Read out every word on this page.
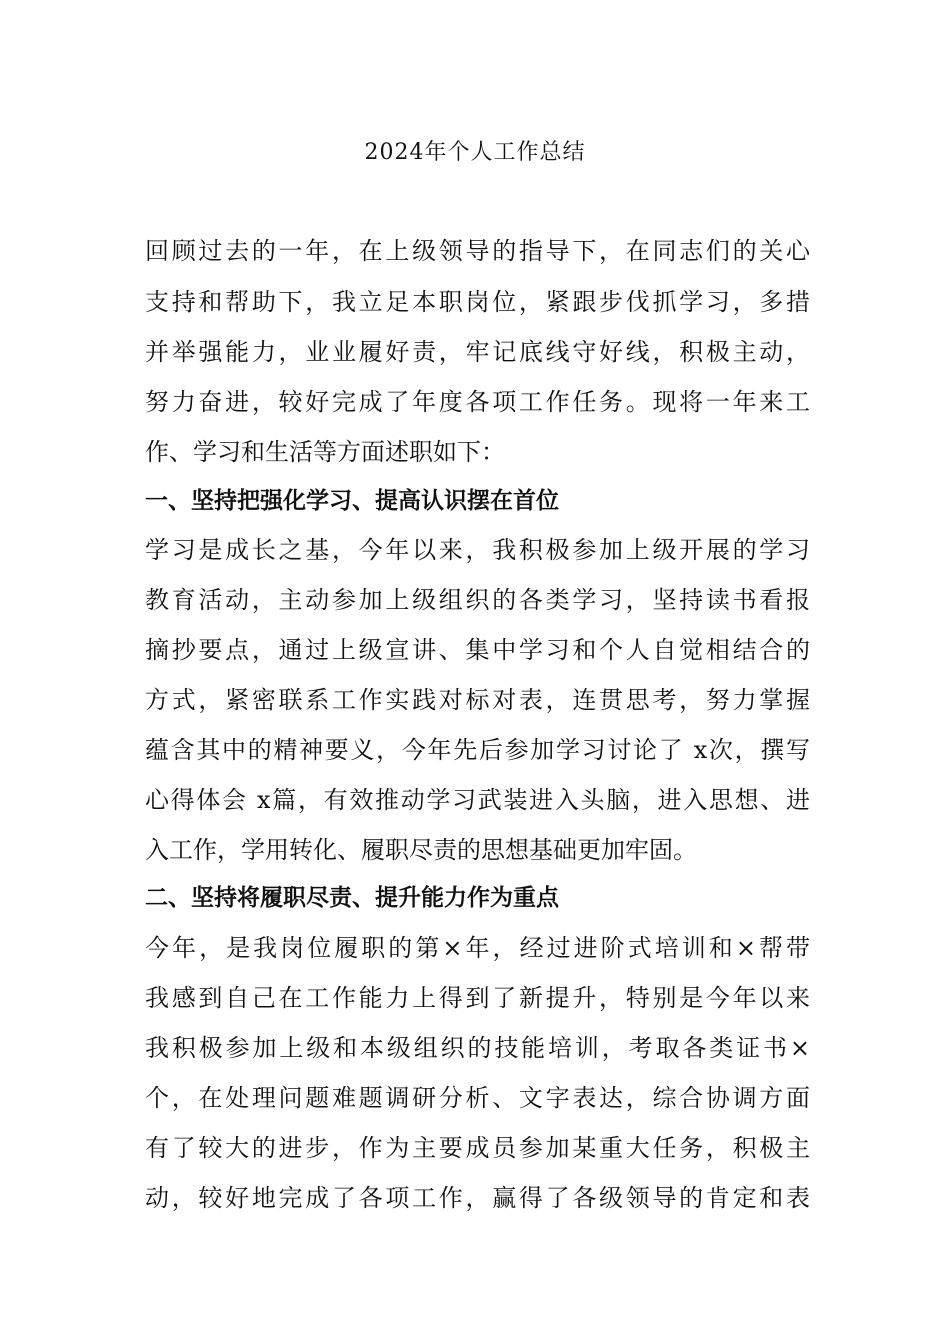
2024年个人工作总结
回顾过去的一年，在上级领导的指导下，在同志们的关心
支持和帮助下，我立足本职岗位，紧跟步伐抓学习，多措
并举强能力，业业履好责，牢记底线守好线，积极主动，
努力奋进，较好完成了年度各项工作任务。现将一年来工
作、学习和生活等方面述职如下：
一、坚持把强化学习、提高认识摆在首位
学习是成长之基，今年以来，我积极参加上级开展的学习
教育活动，主动参加上级组织的各类学习，坚持读书看报
摘抄要点，通过上级宣讲、集中学习和个人自觉相结合的
方式，紧密联系工作实践对标对表，连贯思考，努力掌握
蕴含其中的精神要义，今年先后参加学习讨论了 x次，撰写
心得体会 x篇，有效推动学习武装进入头脑，进入思想、进
入工作，学用转化、履职尽责的思想基础更加牢固。
二、坚持将履职尽责、提升能力作为重点
今年，是我岗位履职的第×年，经过进阶式培训和×帮带
我感到自己在工作能力上得到了新提升，特别是今年以来
我积极参加上级和本级组织的技能培训，考取各类证书×
个，在处理问题难题调研分析、文字表达，综合协调方面
有了较大的进步，作为主要成员参加某重大任务，积极主
动，较好地完成了各项工作，赢得了各级领导的肯定和表
